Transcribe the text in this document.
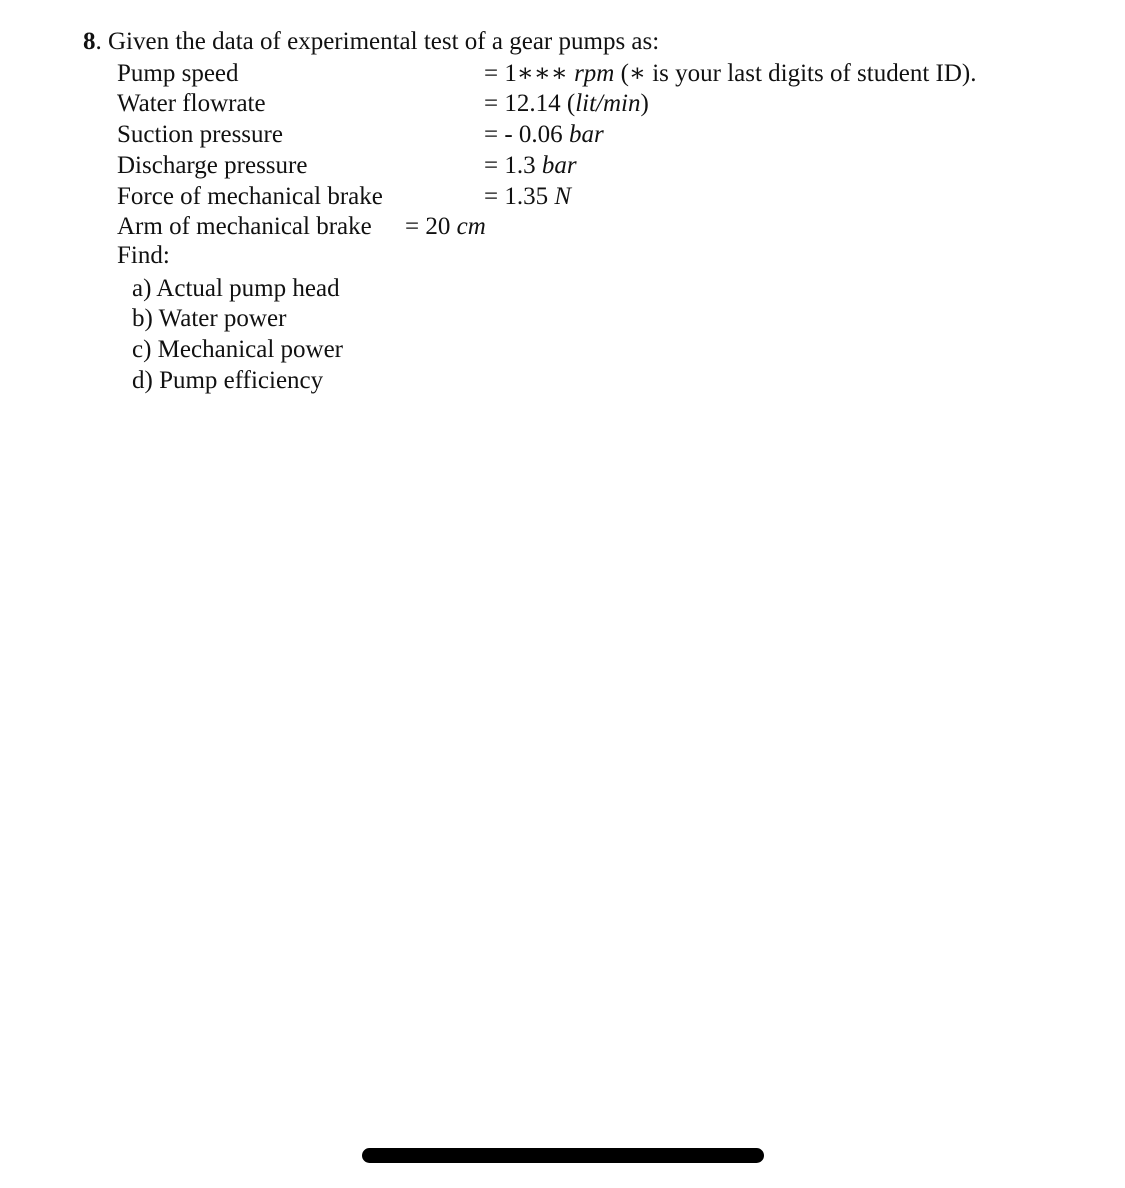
8. Given the data of experimental test of a gear pumps as:
Pump speed	= 1∗∗∗ rpm (∗ is your last digits of student ID).
Water flowrate	= 12.14 (lit/min)
Suction pressure	= - 0.06 bar
Discharge pressure	= 1.3 bar
Force of mechanical brake	= 1.35 N
Arm of mechanical brake = 20 cm
Find:
a) Actual pump head
b) Water power
c) Mechanical power
d) Pump efficiency
